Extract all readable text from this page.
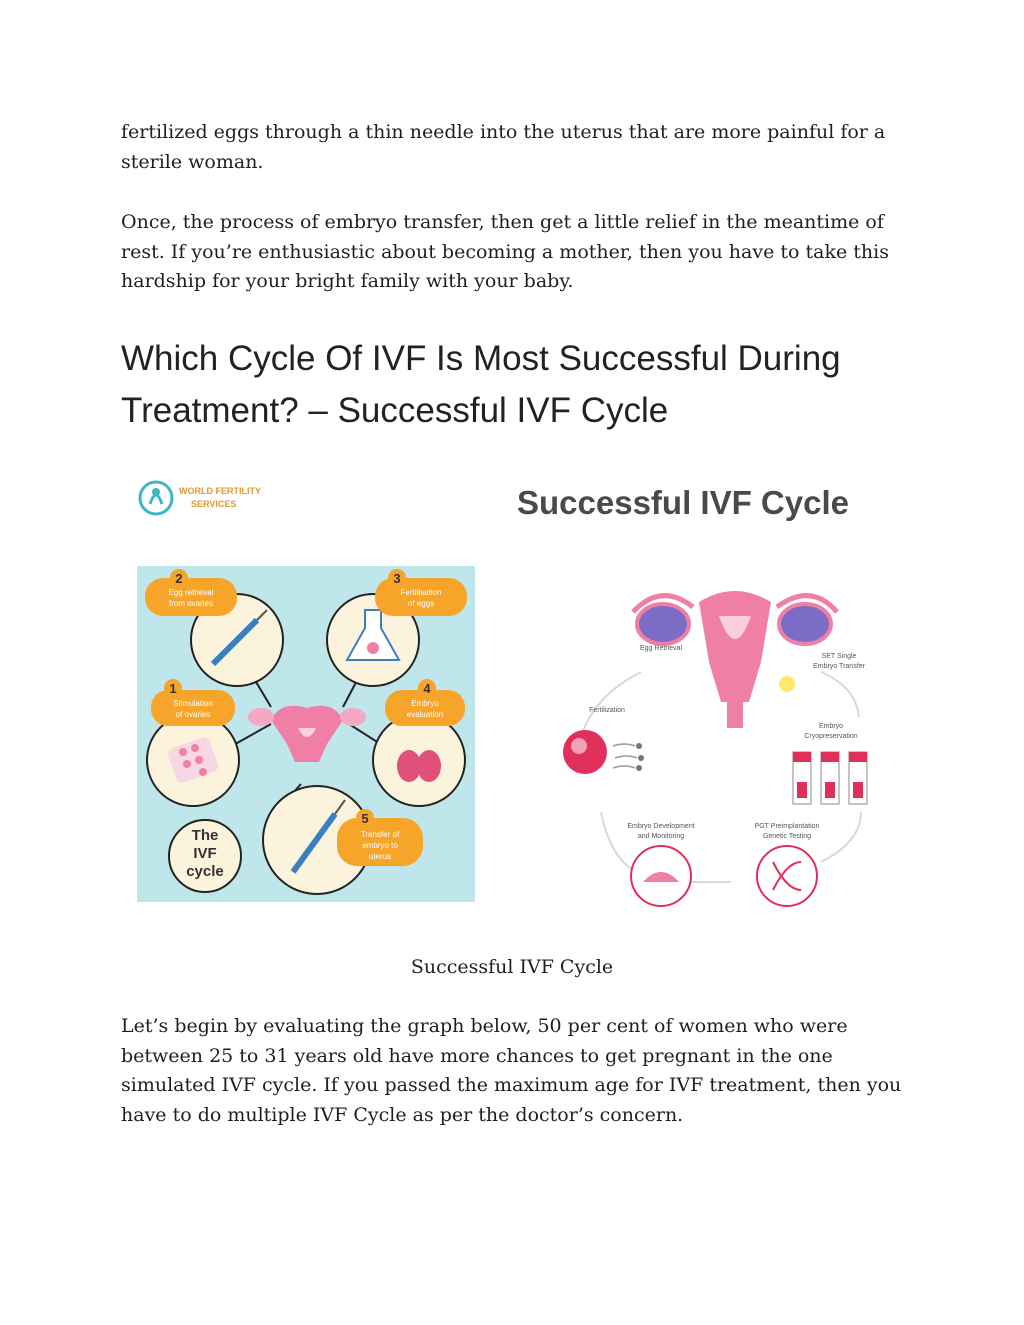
fertilized eggs through a thin needle into the uterus that are more painful for a sterile woman.

Once, the process of embryo transfer, then get a little relief in the meantime of rest. If you’re enthusiastic about becoming a mother, then you have to take this hardship for your bright family with your baby.

Which Cycle Of IVF Is Most Successful During Treatment? – Successful IVF Cycle
WORLD FERTILITY
SERVICES	Successful IVF Cycle
2
Egg retrieval
from ovaries
3
Fertilisation
of eggs
1
Stimulation
of ovaries
4
Embryo
evaluation
The
IVF
cycle
5
Transfer of
embryo to
uterus
Egg Retrieval
SET Single
Embryo Transfer
Fertilization
Embryo
Cryopreservation
Embryo Development
and Monitoring
PGT Preimplantation
Genetic Testing

Successful IVF Cycle

Let’s begin by evaluating the graph below, 50 per cent of women who were between 25 to 31 years old have more chances to get pregnant in the one simulated IVF cycle. If you passed the maximum age for IVF treatment, then you have to do multiple IVF Cycle as per the doctor’s concern.
